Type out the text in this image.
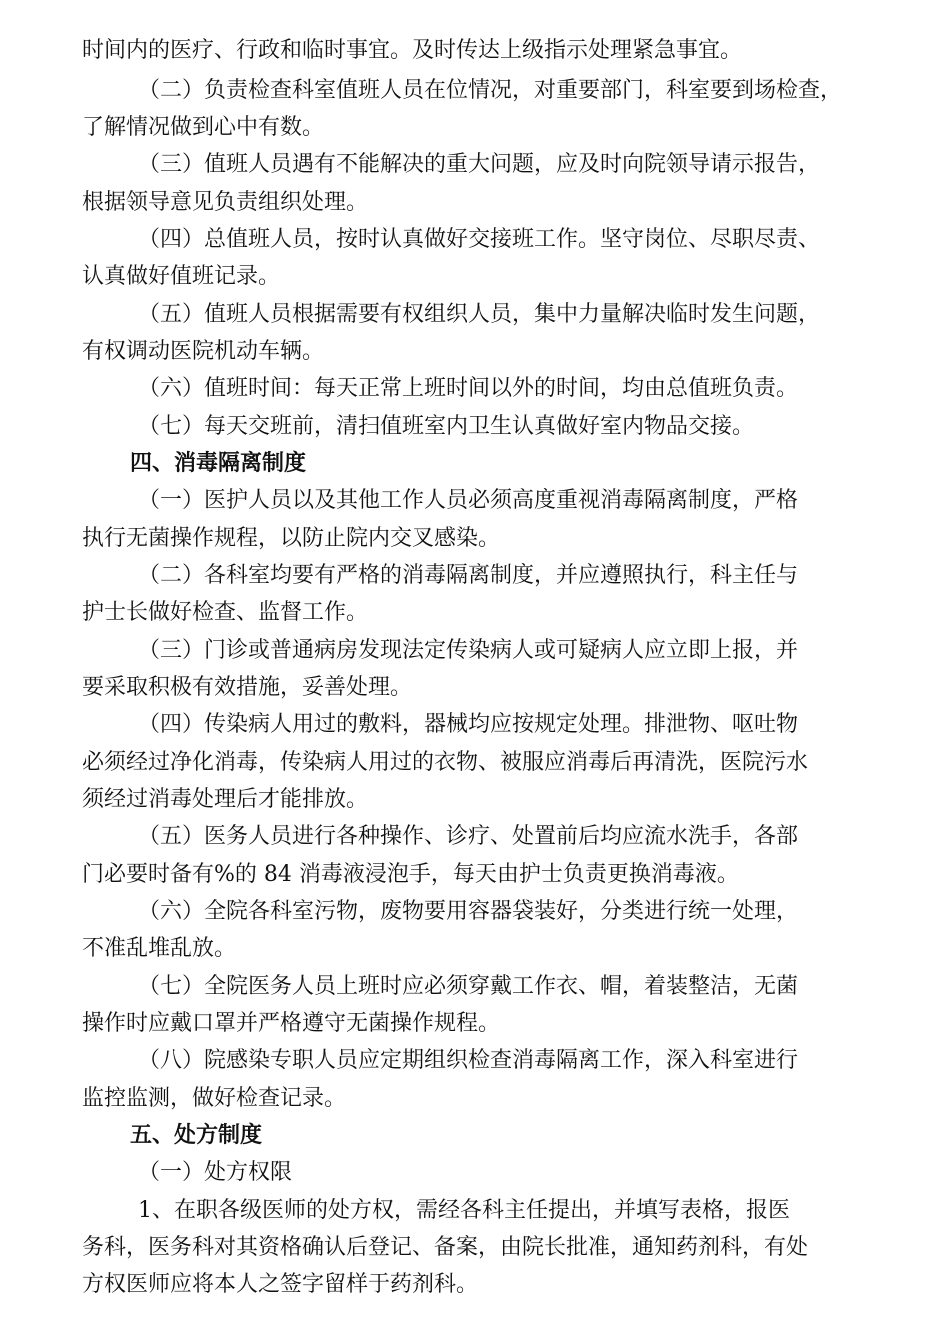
时间内的医疗、行政和临时事宜。及时传达上级指示处理紧急事宜。
（二）负责检查科室值班人员在位情况，对重要部门，科室要到场检查，
了解情况做到心中有数。
（三）值班人员遇有不能解决的重大问题，应及时向院领导请示报告，
根据领导意见负责组织处理。
（四）总值班人员，按时认真做好交接班工作。坚守岗位、尽职尽责、
认真做好值班记录。
（五）值班人员根据需要有权组织人员，集中力量解决临时发生问题，
有权调动医院机动车辆。
（六）值班时间：每天正常上班时间以外的时间，均由总值班负责。
（七）每天交班前，清扫值班室内卫生认真做好室内物品交接。
四、消毒隔离制度
（一）医护人员以及其他工作人员必须高度重视消毒隔离制度，严格
执行无菌操作规程，以防止院内交叉感染。
（二）各科室均要有严格的消毒隔离制度，并应遵照执行，科主任与
护士长做好检查、监督工作。
（三）门诊或普通病房发现法定传染病人或可疑病人应立即上报，并
要采取积极有效措施，妥善处理。
（四）传染病人用过的敷料，器械均应按规定处理。排泄物、呕吐物
必须经过净化消毒，传染病人用过的衣物、被服应消毒后再清洗，医院污水
须经过消毒处理后才能排放。
（五）医务人员进行各种操作、诊疗、处置前后均应流水洗手，各部
门必要时备有%的 84 消毒液浸泡手，每天由护士负责更换消毒液。
（六）全院各科室污物，废物要用容器袋装好，分类进行统一处理，
不准乱堆乱放。
（七）全院医务人员上班时应必须穿戴工作衣、帽，着装整洁，无菌
操作时应戴口罩并严格遵守无菌操作规程。
（八）院感染专职人员应定期组织检查消毒隔离工作，深入科室进行
监控监测，做好检查记录。
五、处方制度
（一）处方权限
1、在职各级医师的处方权，需经各科主任提出，并填写表格，报医
务科，医务科对其资格确认后登记、备案，由院长批准，通知药剂科，有处
方权医师应将本人之签字留样于药剂科。
